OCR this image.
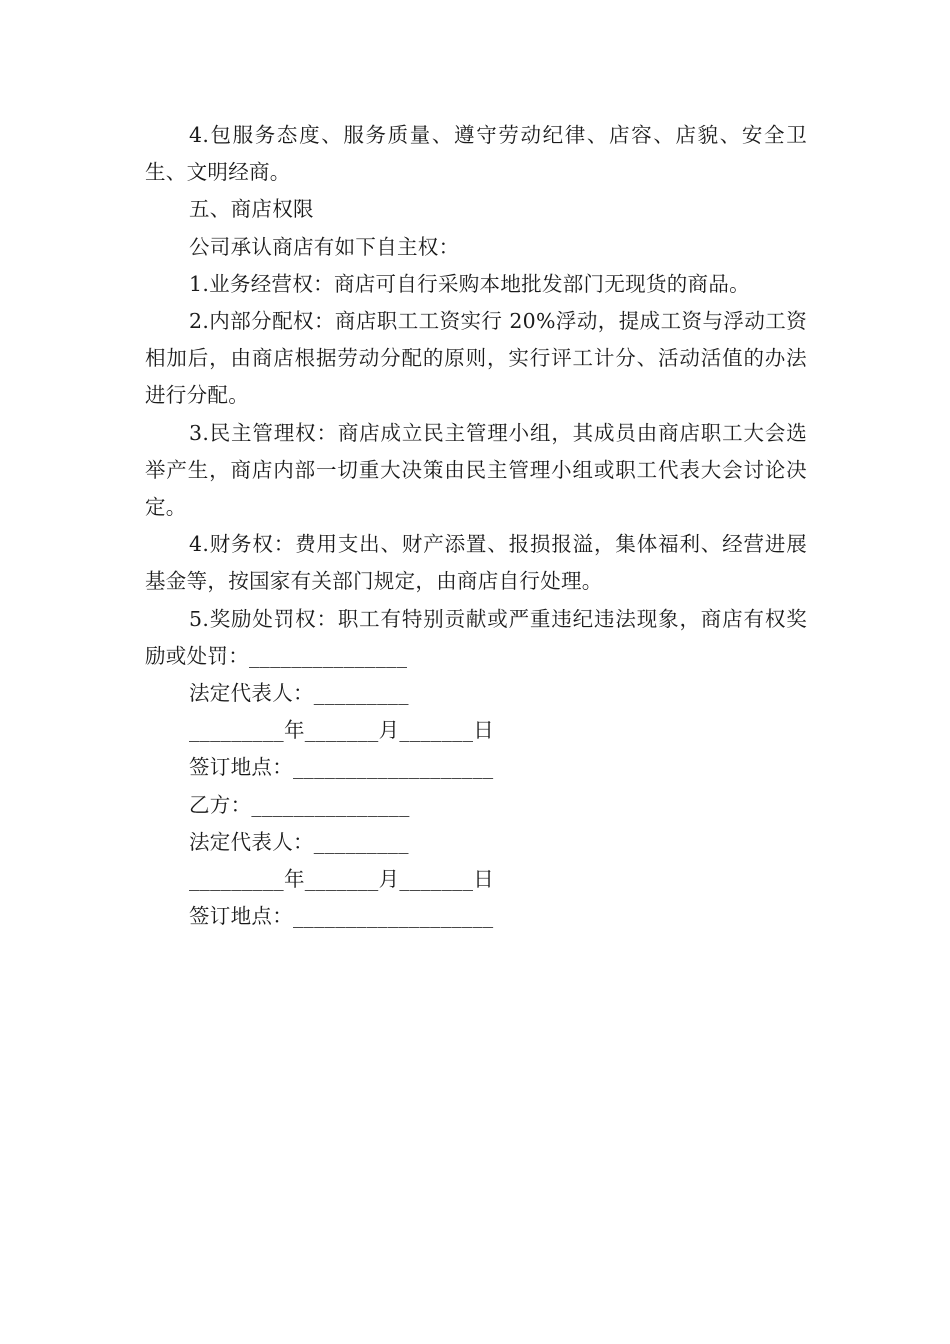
4.包服务态度、服务质量、遵守劳动纪律、店容、店貌、安全卫生、文明经商。

五、商店权限

公司承认商店有如下自主权：

1.业务经营权：商店可自行采购本地批发部门无现货的商品。

2.内部分配权：商店职工工资实行 20%浮动，提成工资与浮动工资相加后，由商店根据劳动分配的原则，实行评工计分、活动活值的办法进行分配。

3.民主管理权：商店成立民主管理小组，其成员由商店职工大会选举产生，商店内部一切重大决策由民主管理小组或职工代表大会讨论决定。

4.财务权：费用支出、财产添置、报损报溢，集体福利、经营进展基金等，按国家有关部门规定，由商店自行处理。

5.奖励处罚权：职工有特别贡献或严重违纪违法现象，商店有权奖励或处罚：_______________

法定代表人：_________

_________年_______月_______日

签订地点：___________________

乙方：_______________

法定代表人：_________

_________年_______月_______日

签订地点：___________________
